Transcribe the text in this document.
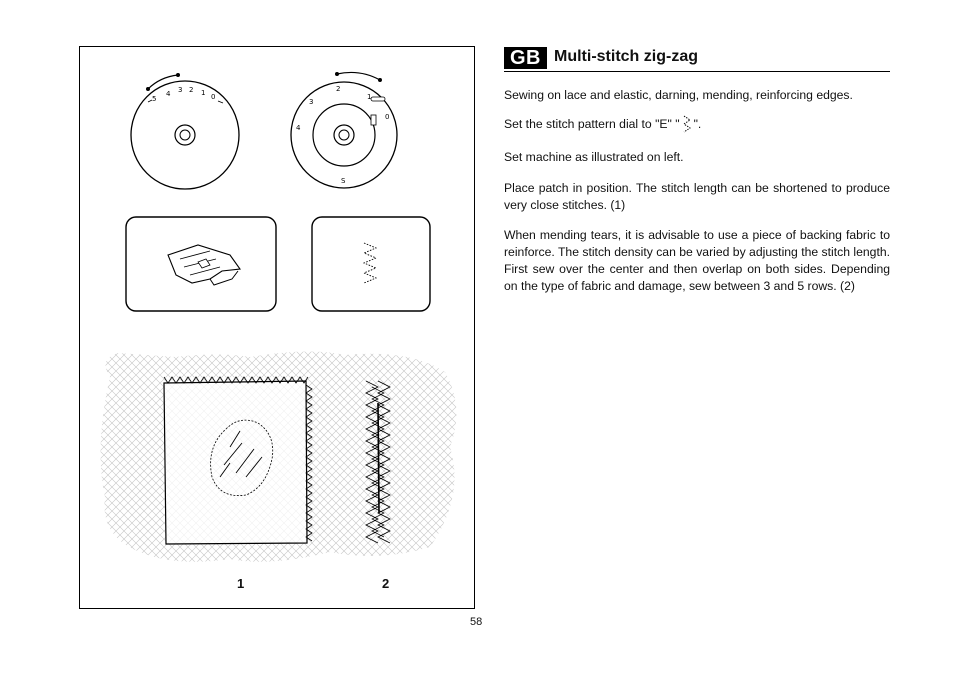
5
4 3 2 1 0
4
3
2
1
0
S
1	2
58
GB Multi-stitch zig-zag
Sewing on lace and elastic, darning, mending, reinforcing edges.
Set the stitch pattern dial to "E" " ".
Set machine as illustrated on left.
Place patch in position. The stitch length can be shortened to produce very close stitches. (1)
When mending tears, it is advisable to use a piece of backing fabric to reinforce. The stitch density can be varied by adjusting the stitch length. First sew over the center and then overlap on both sides. Depending on the type of fabric and damage, sew between 3 and 5 rows. (2)
